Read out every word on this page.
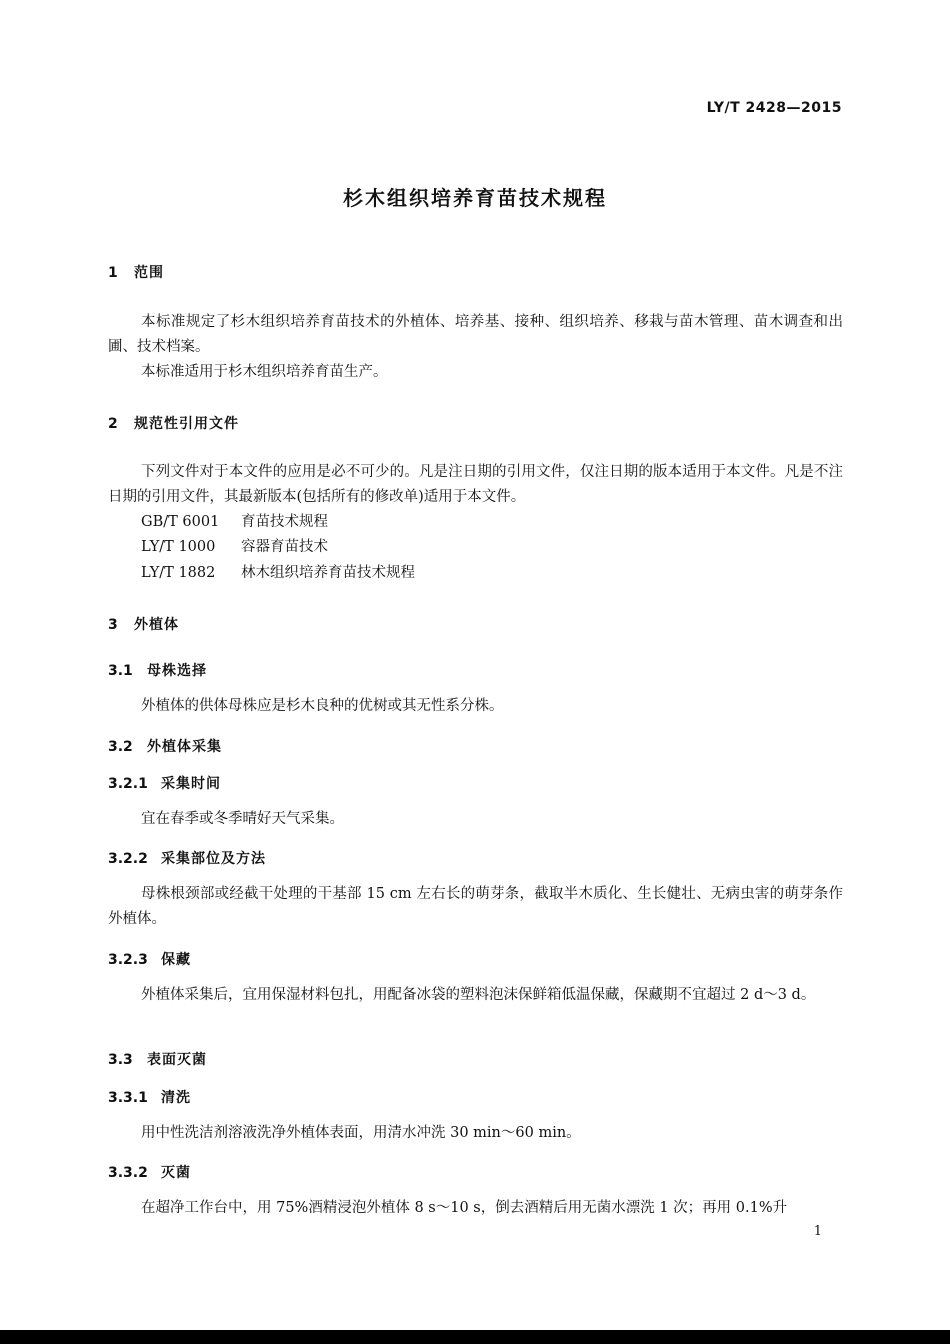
LY/T 2428—2015
杉木组织培养育苗技术规程
1 范围
本标准规定了杉木组织培养育苗技术的外植体、培养基、接种、组织培养、移栽与苗木管理、苗木调查和出圃、技术档案。
本标准适用于杉木组织培养育苗生产。
2 规范性引用文件
下列文件对于本文件的应用是必不可少的。凡是注日期的引用文件，仅注日期的版本适用于本文件。凡是不注日期的引用文件，其最新版本(包括所有的修改单)适用于本文件。
GB/T 6001 育苗技术规程
LY/T 1000 容器育苗技术
LY/T 1882 林木组织培养育苗技术规程
3 外植体
3.1 母株选择
外植体的供体母株应是杉木良种的优树或其无性系分株。
3.2 外植体采集
3.2.1 采集时间
宜在春季或冬季晴好天气采集。
3.2.2 采集部位及方法
母株根颈部或经截干处理的干基部 15 cm 左右长的萌芽条，截取半木质化、生长健壮、无病虫害的萌芽条作外植体。
3.2.3 保藏
外植体采集后，宜用保湿材料包扎，用配备冰袋的塑料泡沫保鲜箱低温保藏，保藏期不宜超过 2 d～3 d。
3.3 表面灭菌
3.3.1 清洗
用中性洗洁剂溶液洗净外植体表面，用清水冲洗 30 min～60 min。
3.3.2 灭菌
在超净工作台中，用 75%酒精浸泡外植体 8 s～10 s，倒去酒精后用无菌水漂洗 1 次；再用 0.1%升
1
